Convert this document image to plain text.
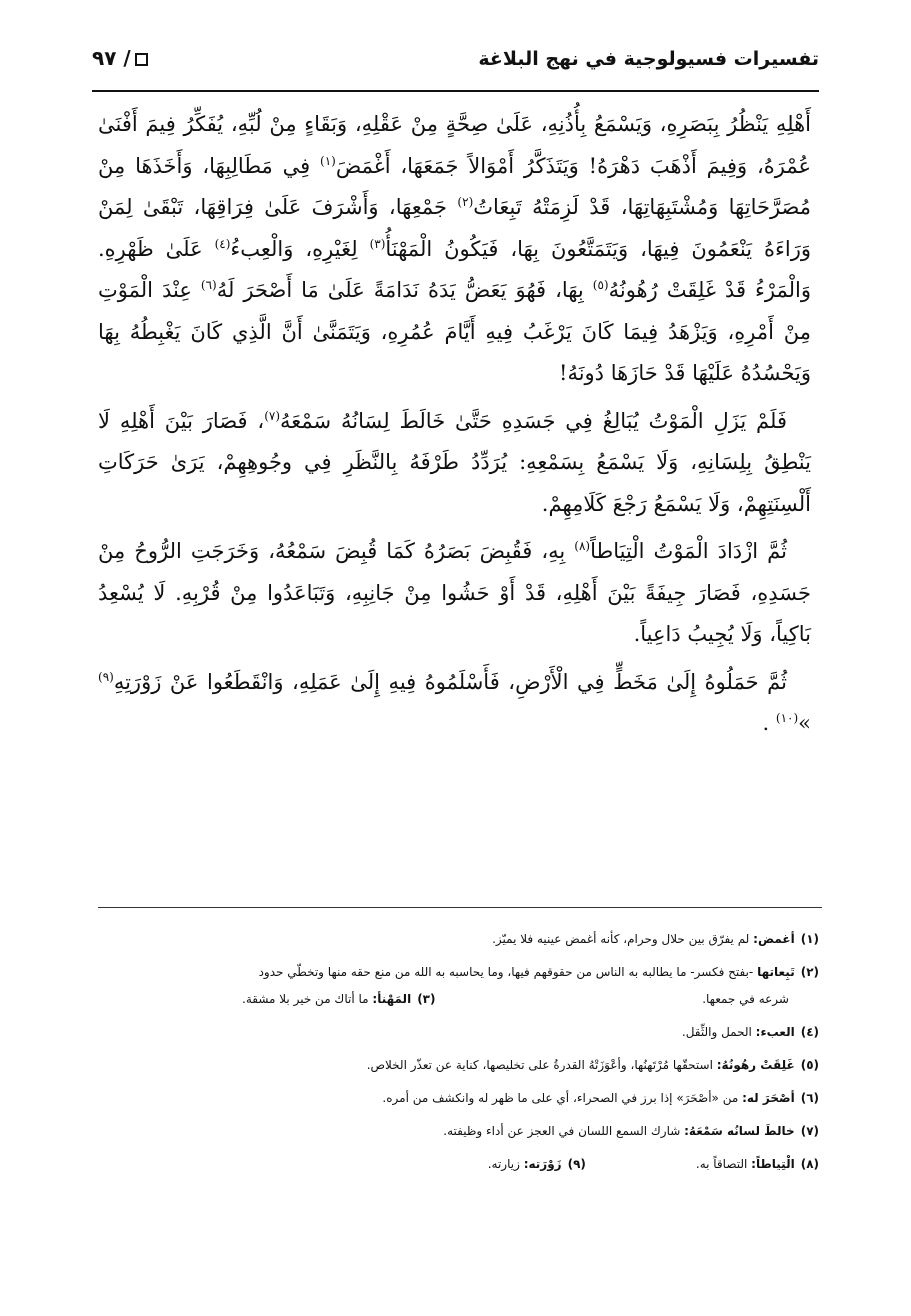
تفسيرات فسيولوجية في نهج البلاغة
٩٧ /

أَهْلِهِ يَنْظُرُ بِبَصَرِهِ، وَيَسْمَعُ بِأُذُنِهِ، عَلَىٰ صِحَّةٍ مِنْ عَقْلِهِ، وَبَقَاءٍ مِنْ لُبِّهِ، يُفَكِّرُ فِيمَ أَفْنَىٰ عُمْرَهُ، وَفِيمَ أَذْهَبَ دَهْرَهُ! وَيَتَذَكَّرُ أَمْوَالاً جَمَعَهَا، أَغْمَضَ$^{(١)}$ فِي مَطَالِبِهَا، وَأَخَذَهَا مِنْ مُصَرَّحَاتِهَا وَمُشْتَبِهَاتِهَا، قَدْ لَزِمَتْهُ تَبِعَاتُ$^{(٢)}$ جَمْعِهَا، وَأَشْرَفَ عَلَىٰ فِرَاقِهَا، تَبْقَىٰ لِمَنْ وَرَاءَهُ يَنْعَمُونَ فِيهَا، وَيَتَمَتَّعُونَ بِهَا، فَيَكُونُ الْمَهْنَأُ$^{(٣)}$ لِغَيْرِهِ، وَالْعِبءُ$^{(٤)}$ عَلَىٰ ظَهْرِهِ. وَالْمَرْءُ قَدْ غَلِقَتْ رُهُونُهُ$^{(٥)}$ بِهَا، فَهُوَ يَعَضُّ يَدَهُ نَدَامَةً عَلَىٰ مَا أَصْحَرَ لَهُ$^{(٦)}$ عِنْدَ الْمَوْتِ مِنْ أَمْرِهِ، وَيَزْهَدُ فِيمَا كَانَ يَرْغَبُ فِيهِ أَيَّامَ عُمُرِهِ، وَيَتَمَنَّىٰ أَنَّ الَّذِي كَانَ يَغْبِطُهُ بِهَا وَيَحْسُدُهُ عَلَيْهَا قَدْ حَازَهَا دُونَهُ!

فَلَمْ يَزَلِ الْمَوْتُ يُبَالِغُ فِي جَسَدِهِ حَتَّىٰ خَالَطَ لِسَانُهُ سَمْعَهُ$^{(٧)}$، فَصَارَ بَيْنَ أَهْلِهِ لَا يَنْطِقُ بِلِسَانِهِ، وَلَا يَسْمَعُ بِسَمْعِهِ: يُرَدِّدُ طَرْفَهُ بِالنَّظَرِ فِي وجُوهِهِمْ، يَرَىٰ حَرَكَاتِ أَلْسِنَتِهِمْ، وَلَا يَسْمَعُ رَجْعَ كَلَامِهِمْ.

ثُمَّ ازْدَادَ الْمَوْتُ الْتِيَاطاً$^{(٨)}$ بِهِ، فَقُبِضَ بَصَرُهُ كَمَا قُبِضَ سَمْعُهُ، وَخَرَجَتِ الرُّوحُ مِنْ جَسَدِهِ، فَصَارَ جِيفَةً بَيْنَ أَهْلِهِ، قَدْ أَوْ حَشُوا مِنْ جَانِبِهِ، وَتَبَاعَدُوا مِنْ قُرْبِهِ. لَا يُسْعِدُ بَاكِياً، وَلَا يُجِيبُ دَاعِياً.

ثُمَّ حَمَلُوهُ إِلَىٰ مَخَطٍّ فِي الْأَرْضِ، فَأَسْلَمُوهُ فِيهِ إِلَىٰ عَمَلِهِ، وَانْقَطَعُوا عَنْ زَوْرَتِهِ$^{(٩)}$ »$^{(١٠)}$ .

(١)أغمض: لم يفرّق بين حلال وحرام، كأنه أغمض عينيه فلا يميّز.
(٢)تَبِعاتها -بفتح فكسر- ما يطالبه به الناس من حقوقهم فيها، وما يحاسبه به الله من منع حقه منها وتخطّي حدود
شرعه في جمعها.
(٣)المَهْنأ: ما أتاك من خير بلا مشقة.
(٤)العبء: الحمل والثِّقل.
(٥)غَلِقَتْ رهُونُهُ: استحقّها مُرْتَهنُها، وأعْوَزَتْهُ القدرةُ على تخليصها، كناية عن تعذّر الخلاص.
(٦)أصْحَرَ له: من «أصْحَرَ» إذا برز في الصحراء، أي على ما ظهر له وانكشف من أمره.
(٧)خالطَ لسانُه سَمْعَهُ: شارك السمع اللسان في العجز عن أداء وظيفته.
(٨)الْتِياطاً: التصاقاً به.
(٩)زَوْرَته: زيارته.
